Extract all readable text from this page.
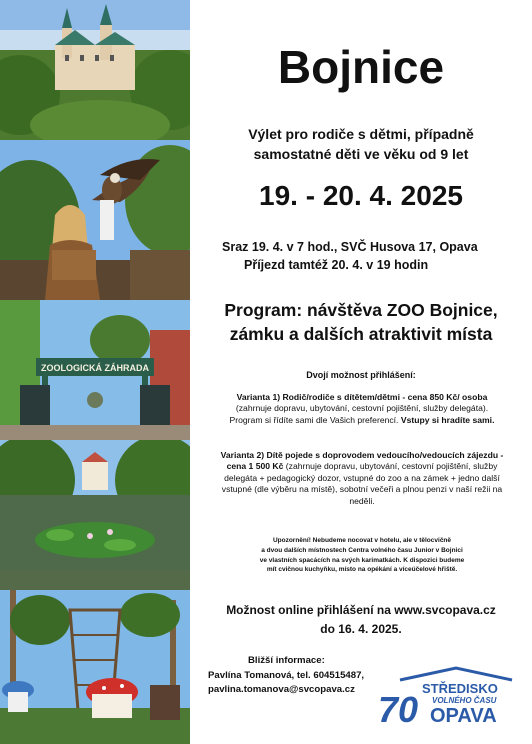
ZOOLOGICKÁ ZÁHRADA
Bojnice
Výlet pro rodiče s dětmi, případně
samostatné děti ve věku od 9 let
19. - 20. 4. 2025
Sraz 19. 4. v 7 hod., SVČ Husova 17, Opava
Příjezd tamtéž 20. 4. v 19 hodin
Program: návštěva ZOO Bojnice,
zámku a dalších atraktivit místa
Dvojí možnost přihlášení:
Varianta 1) Rodič/rodiče s dítětem/dětmi - cena 850 Kč/ osoba (zahrnuje dopravu, ubytování, cestovní pojištění, služby delegáta). Program si řídíte sami dle Vašich preferencí. Vstupy si hradíte sami.
Varianta 2) Dítě pojede s doprovodem vedoucího/vedoucích zájezdu - cena 1 500 Kč (zahrnuje dopravu, ubytování, cestovní pojištění, služby delegáta + pedagogický dozor, vstupné do zoo a na zámek + jedno další vstupné (dle výběru na místě), sobotní večeři a plnou penzi v naší režii na neděli.
Upozornění! Nebudeme nocovat v hotelu, ale v tělocvičně
a dvou dalších místnostech Centra volného času Junior v Bojnici
ve vlastních spacácích na svých karimatkách. K dispozici budeme
mít cvičnou kuchyňku, místo na opékání a víceúčelové hřiště.
Možnost online přihlášení na www.svcopava.cz
do 16. 4. 2025.
Bližší informace:
Pavlína Tomanová, tel. 604515487,
pavlina.tomanova@svcopava.cz 70
STŘEDISKO
VOLNÉHO ČASU
OPAVA
